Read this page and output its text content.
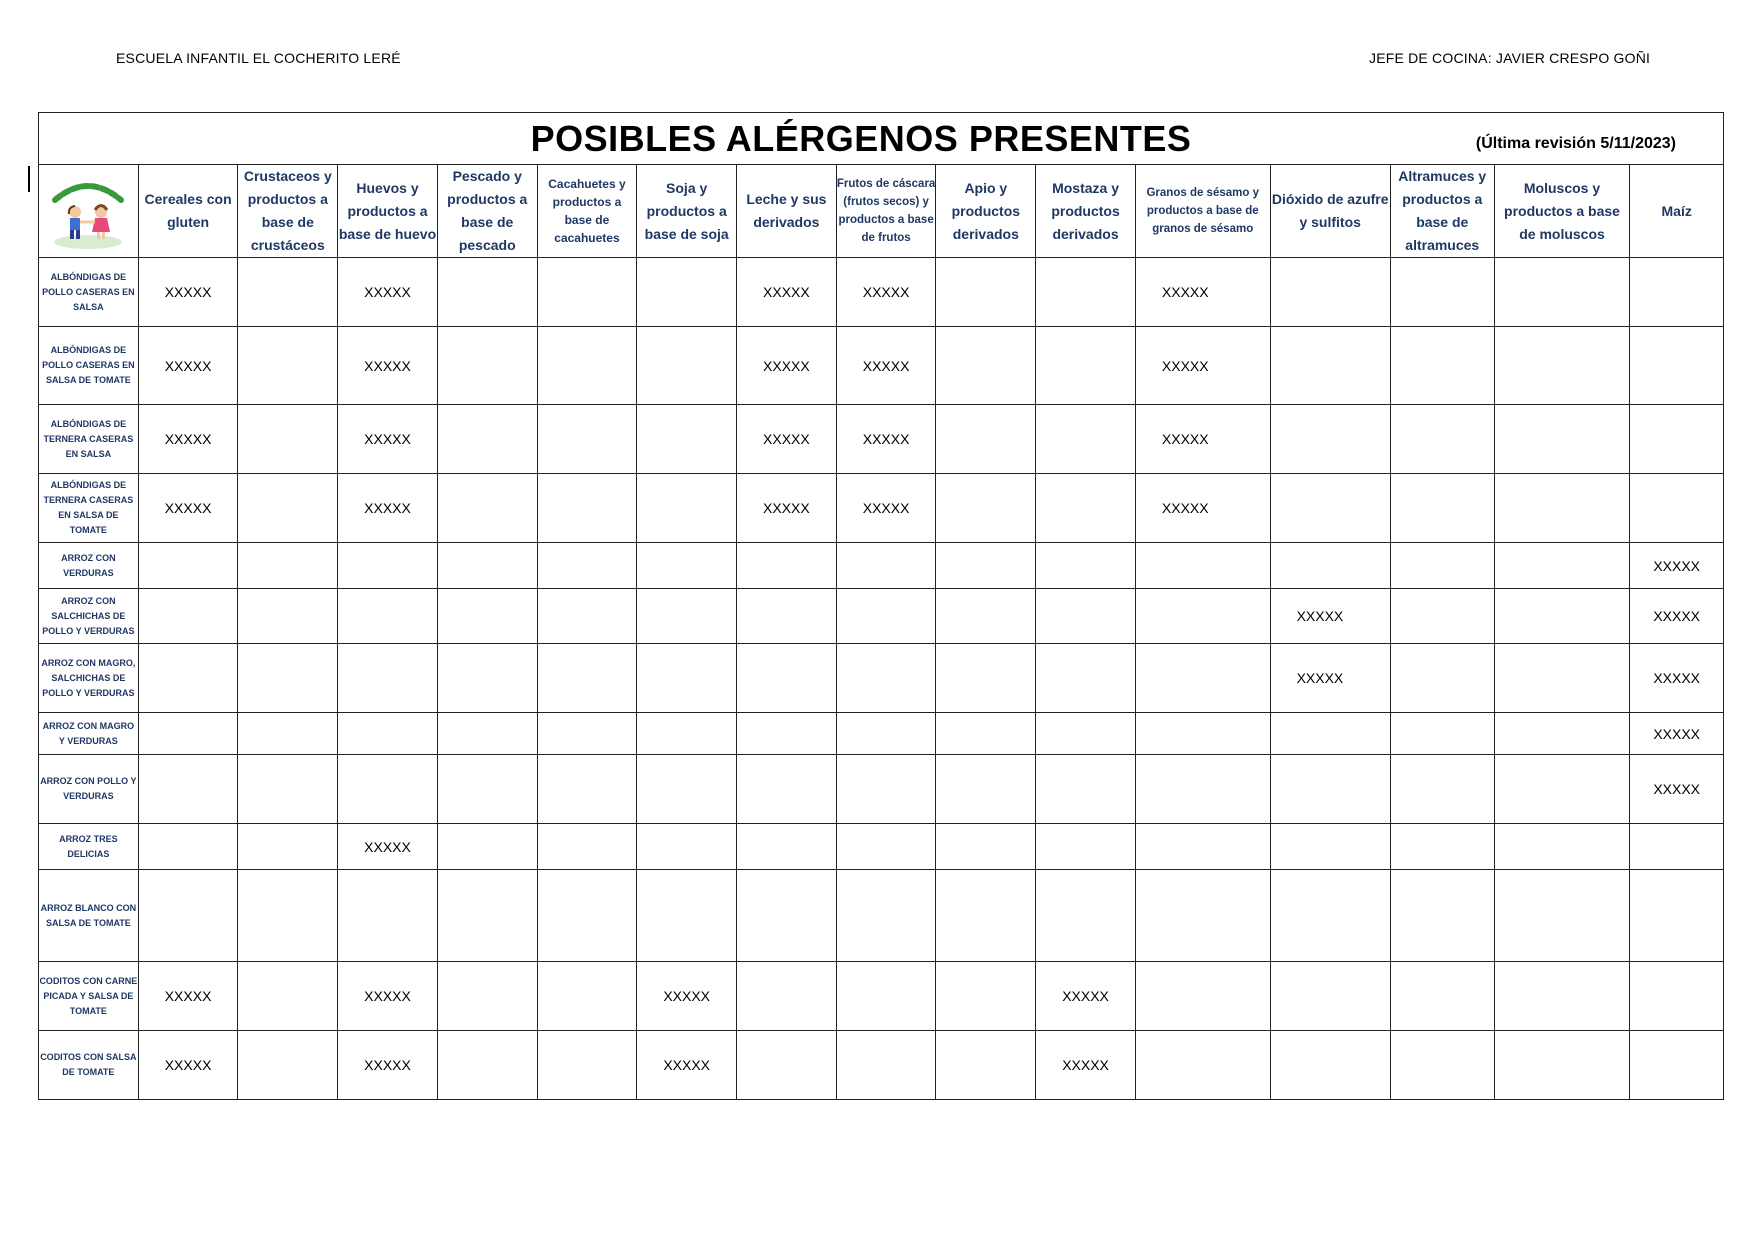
ESCUELA INFANTIL EL COCHERITO LERÉ	JEFE DE COCINA: JAVIER CRESPO GOÑI
POSIBLES ALÉRGENOS PRESENTES (Última revisión 5/11/2023)															

	Cereales con gluten	Crustaceos y productos a base de crustáceos	Huevos y productos a base de huevo	Pescado y productos a base de pescado	Cacahuetes y productos a base de cacahuetes	Soja y productos a base de soja	Leche y sus derivados	Frutos de cáscara (frutos secos) y productos a base de frutos	Apio y productos derivados	Mostaza y productos derivados	Granos de sésamo y productos a base de granos de sésamo	Dióxido de azufre y sulfitos	Altramuces y productos a base de altramuces	Moluscos y productos a base de moluscos	Maíz
ALBÓNDIGAS DE POLLO CASERAS EN SALSA	XXXXX		XXXXX				XXXXX	XXXXX			XXXXX				
ALBÓNDIGAS DE POLLO CASERAS EN SALSA DE TOMATE	XXXXX		XXXXX				XXXXX	XXXXX			XXXXX				
ALBÓNDIGAS DE TERNERA CASERAS EN SALSA	XXXXX		XXXXX				XXXXX	XXXXX			XXXXX				
ALBÓNDIGAS DE TERNERA CASERAS EN SALSA DE TOMATE	XXXXX		XXXXX				XXXXX	XXXXX			XXXXX				
ARROZ CON VERDURAS															XXXXX
ARROZ CON SALCHICHAS DE POLLO Y VERDURAS												XXXXX			XXXXX
ARROZ CON MAGRO, SALCHICHAS DE POLLO Y VERDURAS												XXXXX			XXXXX
ARROZ CON MAGRO Y VERDURAS															XXXXX
ARROZ CON POLLO Y VERDURAS															XXXXX
ARROZ TRES DELICIAS			XXXXX												
ARROZ BLANCO CON SALSA DE TOMATE															
CODITOS CON CARNE PICADA Y SALSA DE TOMATE	XXXXX		XXXXX			XXXXX				XXXXX					
CODITOS CON SALSA DE TOMATE	XXXXX		XXXXX			XXXXX				XXXXX					
